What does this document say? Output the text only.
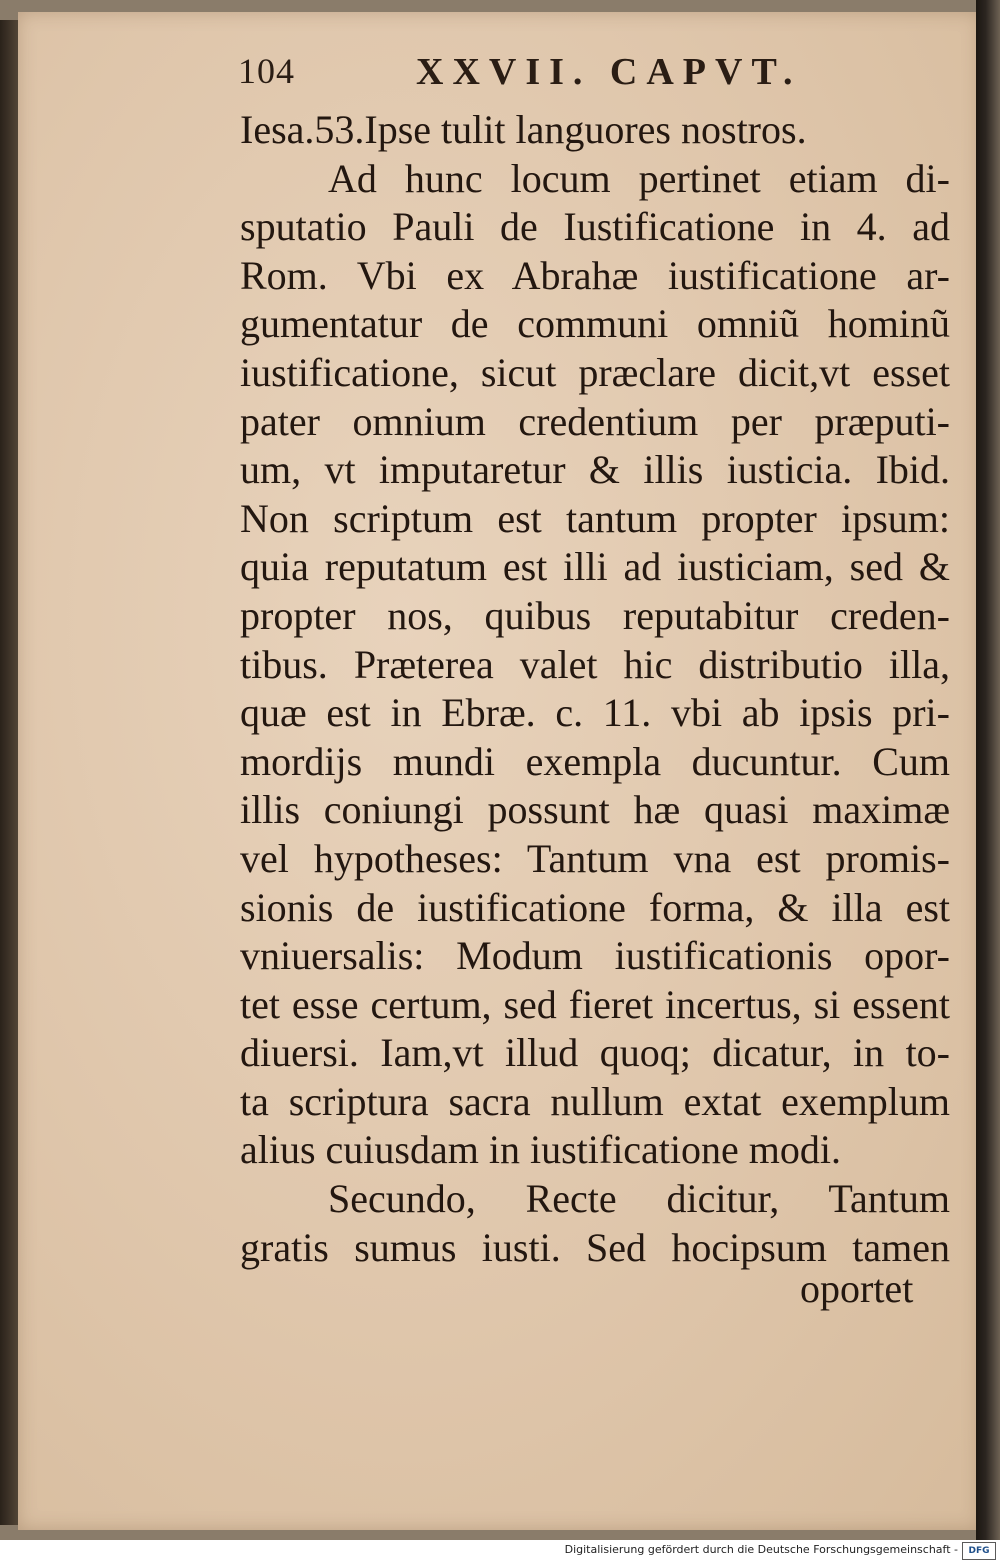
104	XXVII. CAPVT.
Iesa.53.Ipse tulit languores nostros.
Ad hunc locum pertinet etiam di-
sputatio Pauli de Iustificatione in 4. ad
Rom. Vbi ex Abrahæ iustificatione ar-
gumentatur de communi omniũ hominũ
iustificatione, sicut præclare dicit,vt esset
pater omnium credentium per præputi-
um, vt imputaretur & illis iusticia. Ibid.
Non scriptum est tantum propter ipsum:
quia reputatum est illi ad iusticiam, sed &
propter nos, quibus reputabitur creden-
tibus. Præterea valet hic distributio illa,
quæ est in Ebræ. c. 11. vbi ab ipsis pri-
mordijs mundi exempla ducuntur. Cum
illis coniungi possunt hæ quasi maximæ
vel hypotheses: Tantum vna est promis-
sionis de iustificatione forma, & illa est
vniuersalis: Modum iustificationis opor-
tet esse certum, sed fieret incertus, si essent
diuersi. Iam,vt illud quoq; dicatur, in to-
ta scriptura sacra nullum extat exemplum
alius cuiusdam in iustificatione modi.
Secundo, Recte dicitur, Tantum
gratis sumus iusti. Sed hocipsum tamen
oportet
Digitalisierung gefördert durch die Deutsche Forschungsgemeinschaft -	DFG
